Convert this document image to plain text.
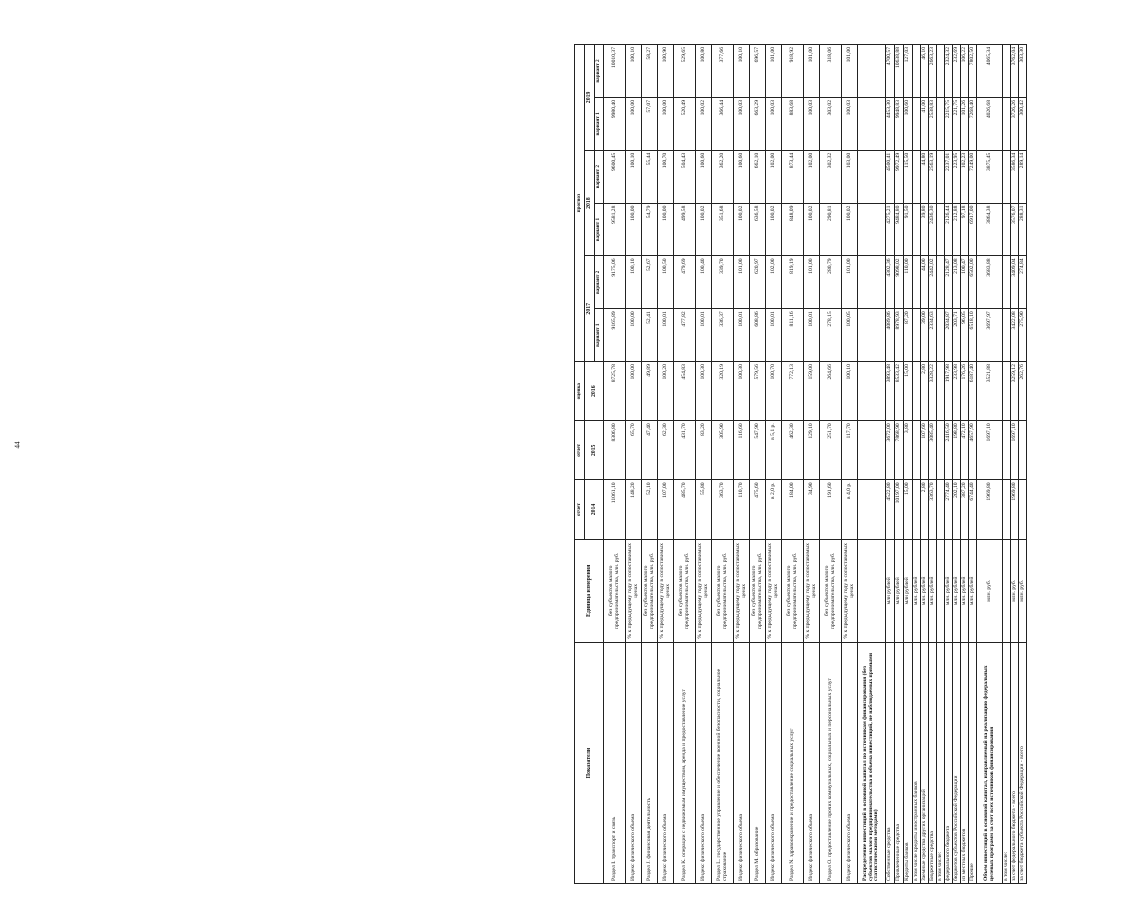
44
Показатели	Единица измерения	отчет	отчет	оценка	прогноз					
		2014	2015	2016	2017		2018		2019	
					вариант 1	вариант 2	вариант 1	вариант 2	вариант 1	вариант 2
Раздел I. транспорт и связь	без субъектов малого предпринимательства, млн. руб.	11061,10	8306,80	8725,78	9165,89	9175,06	9581,28	9600,45	9980,40	10010,37
Индекс физического объема	% к предыдущему году в сопоставимых ценах	148,20	65,70	100,00	100,00	100,10	100,00	100,10	100,00	100,10
Раздел J. финансовая деятельность	без субъектов малого предпринимательства, млн. руб.	52,10	47,40	49,89	52,41	52,67	54,79	55,44	57,07	58,27
Индекс физического объема	% к предыдущему году в сопоставимых ценах	107,00	62,30	100,20	100,01	100,50	100,00	100,70	100,00	100,90
Раздел K. операции с недвижимым имуществом, аренда и предоставление услуг	без субъектов малого предпринимательства, млн. руб.	485,70	431,70	454,83	477,82	479,69	499,58	504,43	520,49	529,65
Индекс физического объема	% к предыдущему году в сопоставимых ценах	55,80	83,20	100,30	100,01	100,40	100,02	100,60	100,02	100,80
Раздел L. государственное управление и обеспечение военной безопасности, социальное страхование	без субъектов малого предпринимательства, млн. руб.	363,70	305,90	320,19	336,37	339,70	351,68	362,20	366,44	377,66
Индекс физического объема	% к предыдущему году в сопоставимых ценах	110,70	116,60	100,30	100,01	101,00	100,02	100,60	100,03	100,10
Раздел M. образование	без субъектов малого предпринимательства, млн. руб.	475,60	547,90	579,56	608,86	620,97	636,58	662,10	663,29	696,57
Индекс физического объема	% к предыдущему году в сопоставимых ценах	в 2,0 р.	в 5,1 р.	100,70	100,01	102,00	100,02	102,00	100,03	101,00
Раздел N. здравоохранение и предоставление социальных услуг	без субъектов малого предпринимательства, млн. руб.	184,00	462,30	772,13	811,16	819,19	848,09	873,44	883,68	918,92
Индекс физического объема	% к предыдущему году в сопоставимых ценах	34,90	129,10	159,00	100,01	101,00	100,02	102,00	100,03	101,00
Раздел O. предоставление прочих коммунальных, социальных и персональных услуг	без субъектов малого предпринимательства, млн. руб.	191,60	251,70	264,66	278,15	280,79	290,81	302,32	303,02	318,06
Индекс физического объема	% к предыдущему году в сопоставимых ценах	в 4,0 р.	117,70	100,10	100,05	101,00	100,02	103,00	100,03	101,00
Распределение инвестиций в основной капитал по источникам финансирования (без субъектов малого предпринимательства и объема инвестиций, не наблюдаемых прямыми статистическими методами)										
Собственные средства	млн рублей	4522,80	3672,00	3893,48	4089,86	4302,36	4275,21	4500,41	4453,30	4700,57
Привлеченные средства	млн рублей	10197,00	7868,90	8533,42	8978,93	9098,02	9484,80	9972,49	9948,83	10638,88
Кредиты банков	млн рублей	15,00	3,80	15,00	87,20	110,00	91,50	115,50	100,60	127,03
в том числе кредиты иностранных банков	млн. рублей									
Заемные средства других организаций	млн. рублей	2,80	107,60	2,80	39,00	44,00	39,80	44,80	41,00	46,10
Бюджетные средства	млн. рублей	3363,70	3085,40	3328,22	2334,63	2442,02	2436,30	2563,19	2538,83	2663,23
в том числе:										
федерального бюджета	млн. рублей	2774,40	2416,50	1917,98	2034,87	2128,47	2126,44	2237,01	2215,75	2324,32
бюджетов субъектов Российской Федерации	млн. рублей	202,10	198,80	233,98	203,71	213,08	212,88	223,95	221,75	232,69
из местных бюджетов	млн. рублей	387,20	472,10	176,26	96,05	100,47	97,18	102,23	101,26	106,22
Прочие	млн. рублей	6744,40	4657,90	6187,40	6518,10	6502,00	6917,00	7249,00	7268,40	7802,50
Объем инвестиций в основной капитал, направляемый на реализацию федеральных целевых программ за счет всех источников финансирования	млн. руб.	1969,80	1697,10	3521,88	3697,97	3683,88	3864,38	3875,45	4026,68	4065,34
в том числе:										
за счет федерального бюджета - всего	млн. руб.	1969,80	1697,10	3259,12	3422,08	3409,04	3576,07	3586,34	3726,26	3762,04
за счет бюджета субъекта Российской Федерации - всего	млн. руб.			262,76	275,90	274,84	288,31	289,14	300,42	303,30
